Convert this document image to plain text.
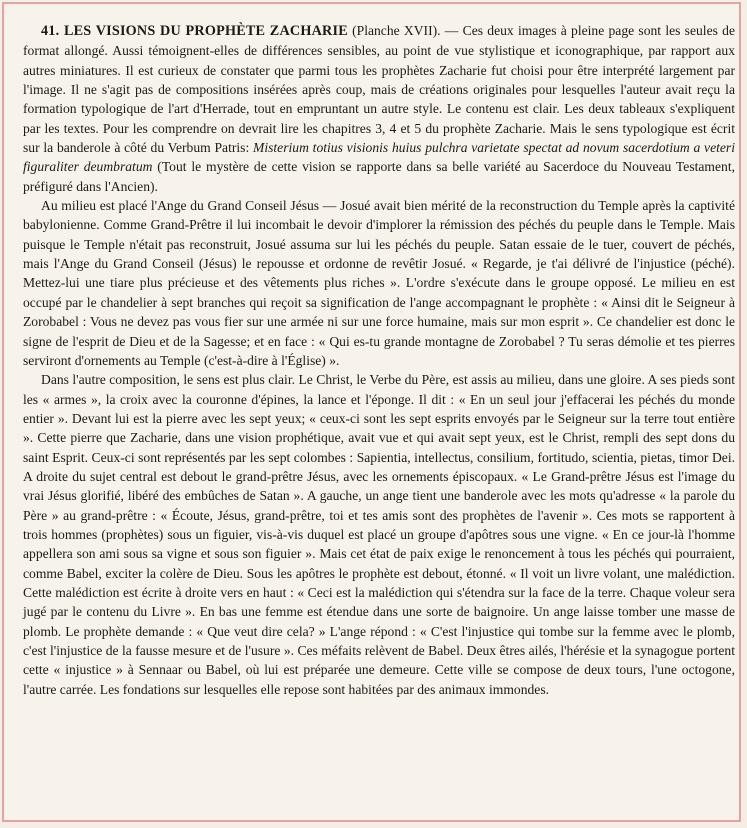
41. LES VISIONS DU PROPHÈTE ZACHARIE (Planche XVII). — Ces deux images à pleine page sont les seules de format allongé. Aussi témoignent-elles de différences sensibles, au point de vue stylistique et iconographique, par rapport aux autres miniatures. Il est curieux de constater que parmi tous les prophètes Zacharie fut choisi pour être interprété largement par l'image. Il ne s'agit pas de compositions insérées après coup, mais de créations originales pour lesquelles l'auteur avait reçu la formation typologique de l'art d'Herrade, tout en empruntant un autre style. Le contenu est clair. Les deux tableaux s'expliquent par les textes. Pour les comprendre on devrait lire les chapitres 3, 4 et 5 du prophète Zacharie. Mais le sens typologique est écrit sur la banderole à côté du Verbum Patris: Misterium totius visionis huius pulchra varietate spectat ad novum sacerdotium a veteri figuraliter deumbratum (Tout le mystère de cette vision se rapporte dans sa belle variété au Sacerdoce du Nouveau Testament, préfiguré dans l'Ancien).

Au milieu est placé l'Ange du Grand Conseil Jésus — Josué avait bien mérité de la reconstruction du Temple après la captivité babylonienne. Comme Grand-Prêtre il lui incombait le devoir d'implorer la rémission des péchés du peuple dans le Temple. Mais puisque le Temple n'était pas reconstruit, Josué assuma sur lui les péchés du peuple. Satan essaie de le tuer, couvert de péchés, mais l'Ange du Grand Conseil (Jésus) le repousse et ordonne de revêtir Josué. « Regarde, je t'ai délivré de l'injustice (péché). Mettez-lui une tiare plus précieuse et des vêtements plus riches ». L'ordre s'exécute dans le groupe opposé. Le milieu en est occupé par le chandelier à sept branches qui reçoit sa signification de l'ange accompagnant le prophète : « Ainsi dit le Seigneur à Zorobabel : Vous ne devez pas vous fier sur une armée ni sur une force humaine, mais sur mon esprit ». Ce chandelier est donc le signe de l'esprit de Dieu et de la Sagesse; et en face : « Qui es-tu grande montagne de Zorobabel ? Tu seras démolie et tes pierres serviront d'ornements au Temple (c'est-à-dire à l'Église) ».

Dans l'autre composition, le sens est plus clair. Le Christ, le Verbe du Père, est assis au milieu, dans une gloire. A ses pieds sont les « armes », la croix avec la couronne d'épines, la lance et l'éponge. Il dit : « En un seul jour j'effacerai les péchés du monde entier ». Devant lui est la pierre avec les sept yeux; « ceux-ci sont les sept esprits envoyés par le Seigneur sur la terre tout entière ». Cette pierre que Zacharie, dans une vision prophétique, avait vue et qui avait sept yeux, est le Christ, rempli des sept dons du saint Esprit. Ceux-ci sont représentés par les sept colombes : Sapientia, intellectus, consilium, fortitudo, scientia, pietas, timor Dei. A droite du sujet central est debout le grand-prêtre Jésus, avec les ornements épiscopaux. « Le Grand-prêtre Jésus est l'image du vrai Jésus glorifié, libéré des embûches de Satan ». A gauche, un ange tient une banderole avec les mots qu'adresse « la parole du Père » au grand-prêtre : « Écoute, Jésus, grand-prêtre, toi et tes amis sont des prophètes de l'avenir ». Ces mots se rapportent à trois hommes (prophètes) sous un figuier, vis-à-vis duquel est placé un groupe d'apôtres sous une vigne. « En ce jour-là l'homme appellera son ami sous sa vigne et sous son figuier ». Mais cet état de paix exige le renoncement à tous les péchés qui pourraient, comme Babel, exciter la colère de Dieu. Sous les apôtres le prophète est debout, étonné. « Il voit un livre volant, une malédiction. Cette malédiction est écrite à droite vers en haut : « Ceci est la malédiction qui s'étendra sur la face de la terre. Chaque voleur sera jugé par le contenu du Livre ». En bas une femme est étendue dans une sorte de baignoire. Un ange laisse tomber une masse de plomb. Le prophète demande : « Que veut dire cela? » L'ange répond : « C'est l'injustice qui tombe sur la femme avec le plomb, c'est l'injustice de la fausse mesure et de l'usure ». Ces méfaits relèvent de Babel. Deux êtres ailés, l'hérésie et la synagogue portent cette « injustice » à Sennaar ou Babel, où lui est préparée une demeure. Cette ville se compose de deux tours, l'une octogone, l'autre carrée. Les fondations sur lesquelles elle repose sont habitées par des animaux immondes.
